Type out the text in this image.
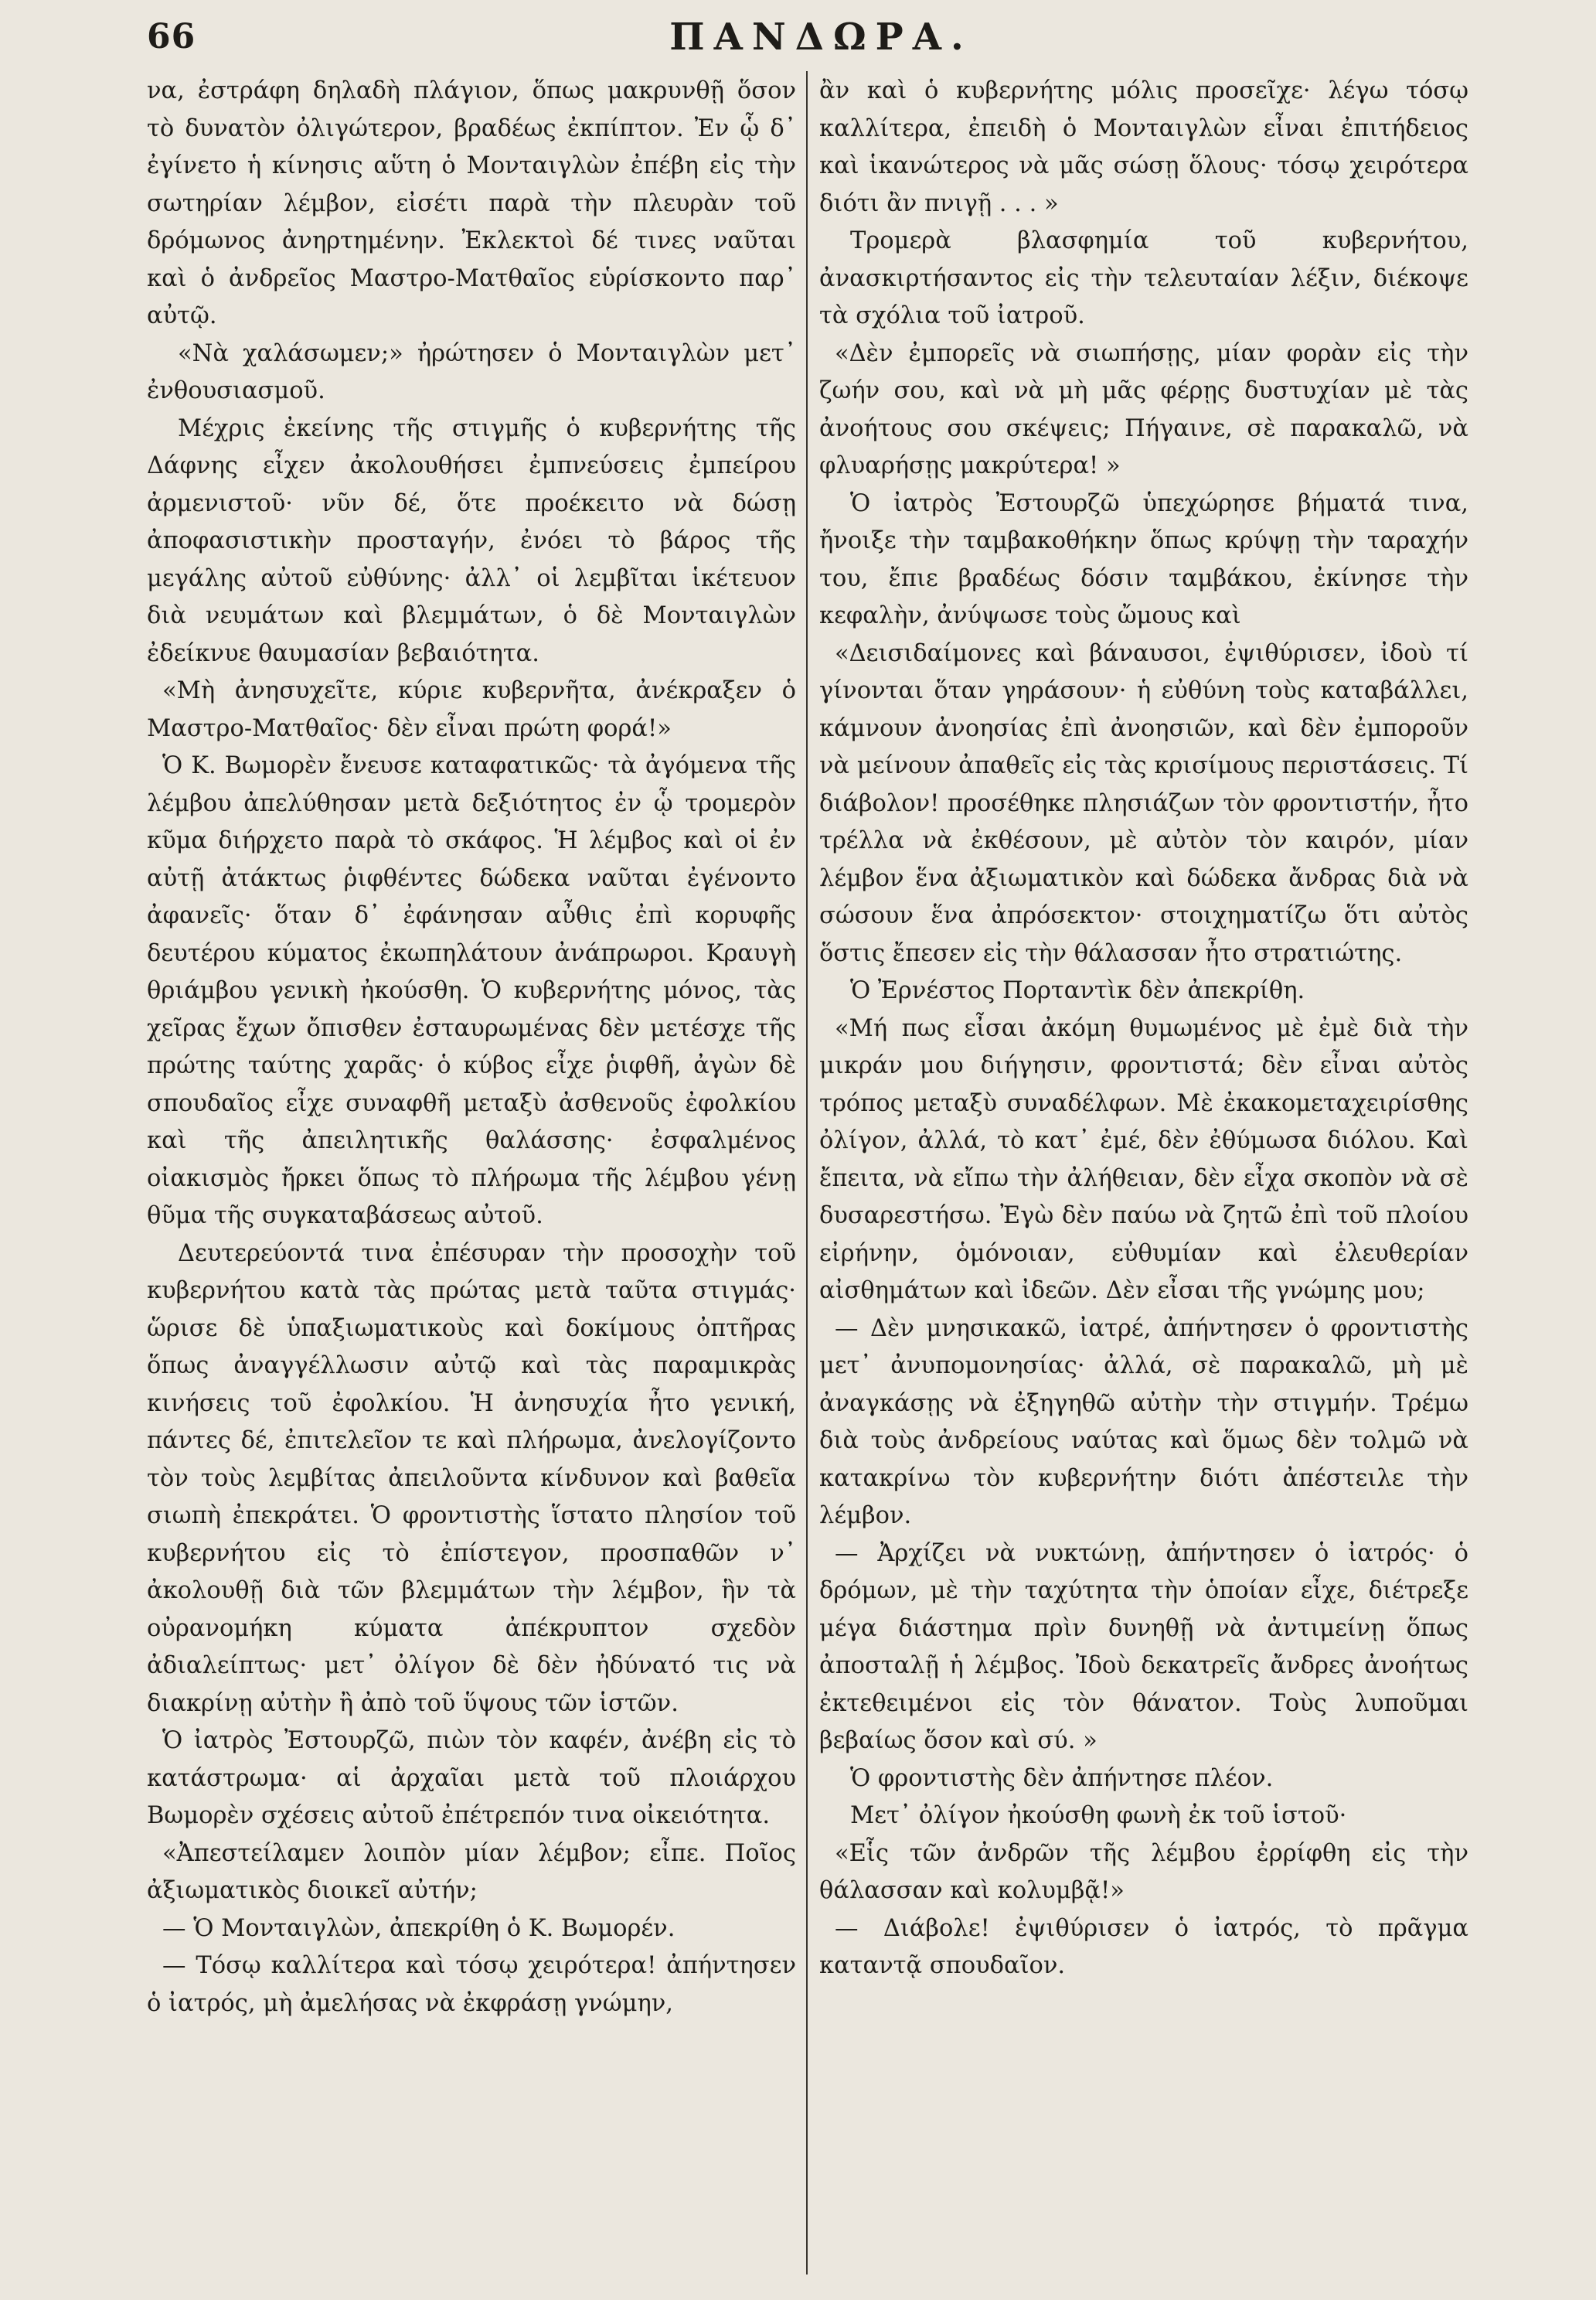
66	ΠΑΝΔΩΡΑ.

να, ἐστράφη δηλαδὴ πλάγιον, ὅπως μακρυνθῇ ὅσον τὸ δυνατὸν ὀλιγώτερον, βραδέως ἐκπίπτον. Ἐν ᾧ δ᾽ ἐγίνετο ἡ κίνησις αὕτη ὁ Μονταιγλὼν ἐπέβη εἰς τὴν σωτηρίαν λέμβον, εἰσέτι παρὰ τὴν πλευρὰν τοῦ δρόμωνος ἀνηρτημένην. Ἐκλεκτοὶ δέ τινες ναῦται καὶ ὁ ἀνδρεῖος Μαστρο-Ματθαῖος εὑρίσκοντο παρ᾽ αὐτῷ.

«Νὰ χαλάσωμεν;» ἠρώτησεν ὁ Μονταιγλὼν μετ᾽ ἐνθουσιασμοῦ.

Μέχρις ἐκείνης τῆς στιγμῆς ὁ κυβερνήτης τῆς Δάφνης εἶχεν ἀκολουθήσει ἐμπνεύσεις ἐμπείρου ἀρμενιστοῦ· νῦν δέ, ὅτε προέκειτο νὰ δώσῃ ἀποφασιστικὴν προσταγήν, ἐνόει τὸ βάρος τῆς μεγάλης αὐτοῦ εὐθύνης· ἀλλ᾽ οἱ λεμβῖται ἱκέτευον διὰ νευμάτων καὶ βλεμμάτων, ὁ δὲ Μονταιγλὼν ἐδείκνυε θαυμασίαν βεβαιότητα.

«Μὴ ἀνησυχεῖτε, κύριε κυβερνῆτα, ἀνέκραξεν ὁ Μαστρο-Ματθαῖος· δὲν εἶναι πρώτη φορά!»

Ὁ Κ. Βωμορὲν ἔνευσε καταφατικῶς· τὰ ἀγόμενα τῆς λέμβου ἀπελύθησαν μετὰ δεξιότητος ἐν ᾧ τρομερὸν κῦμα διήρχετο παρὰ τὸ σκάφος. Ἡ λέμβος καὶ οἱ ἐν αὐτῇ ἀτάκτως ῥιφθέντες δώδεκα ναῦται ἐγένοντο ἀφανεῖς· ὅταν δ᾽ ἐφάνησαν αὖθις ἐπὶ κορυφῆς δευτέρου κύματος ἐκωπηλάτουν ἀνάπρωροι. Κραυγὴ θριάμβου γενικὴ ἠκούσθη. Ὁ κυβερνήτης μόνος, τὰς χεῖρας ἔχων ὄπισθεν ἐσταυρωμένας δὲν μετέσχε τῆς πρώτης ταύτης χαρᾶς· ὁ κύβος εἶχε ῥιφθῆ, ἀγὼν δὲ σπουδαῖος εἶχε συναφθῆ μεταξὺ ἀσθενοῦς ἐφολκίου καὶ τῆς ἀπειλητικῆς θαλάσσης· ἐσφαλμένος οἰακισμὸς ἤρκει ὅπως τὸ πλήρωμα τῆς λέμβου γένῃ θῦμα τῆς συγκαταβάσεως αὐτοῦ.

Δευτερεύοντά τινα ἐπέσυραν τὴν προσοχὴν τοῦ κυβερνήτου κατὰ τὰς πρώτας μετὰ ταῦτα στιγμάς· ὥρισε δὲ ὑπαξιωματικοὺς καὶ δοκίμους ὀπτῆρας ὅπως ἀναγγέλλωσιν αὐτῷ καὶ τὰς παραμικρὰς κινήσεις τοῦ ἐφολκίου. Ἡ ἀνησυχία ἦτο γενική, πάντες δέ, ἐπιτελεῖον τε καὶ πλήρωμα, ἀνελογίζοντο τὸν τοὺς λεμβίτας ἀπειλοῦντα κίνδυνον καὶ βαθεῖα σιωπὴ ἐπεκράτει. Ὁ φροντιστὴς ἵστατο πλησίον τοῦ κυβερνήτου εἰς τὸ ἐπίστεγον, προσπαθῶν ν᾽ ἀκολουθῇ διὰ τῶν βλεμμάτων τὴν λέμβον, ἣν τὰ οὐρανομήκη κύματα ἀπέκρυπτον σχεδὸν ἀδιαλείπτως· μετ᾽ ὀλίγον δὲ δὲν ἠδύνατό τις νὰ διακρίνῃ αὐτὴν ἢ ἀπὸ τοῦ ὕψους τῶν ἱστῶν.

Ὁ ἰατρὸς Ἐστουρζῶ, πιὼν τὸν καφέν, ἀνέβη εἰς τὸ κατάστρωμα· αἱ ἀρχαῖαι μετὰ τοῦ πλοιάρχου Βωμορὲν σχέσεις αὐτοῦ ἐπέτρεπόν τινα οἰκειότητα.

«Ἀπεστείλαμεν λοιπὸν μίαν λέμβον; εἶπε. Ποῖος ἀξιωματικὸς διοικεῖ αὐτήν;

— Ὁ Μονταιγλὼν, ἀπεκρίθη ὁ Κ. Βωμορέν.

— Τόσῳ καλλίτερα καὶ τόσῳ χειρότερα! ἀπήντησεν ὁ ἰατρός, μὴ ἀμελήσας νὰ ἐκφράσῃ γνώμην,

ἂν καὶ ὁ κυβερνήτης μόλις προσεῖχε· λέγω τόσῳ καλλίτερα, ἐπειδὴ ὁ Μονταιγλὼν εἶναι ἐπιτήδειος καὶ ἱκανώτερος νὰ μᾶς σώσῃ ὅλους· τόσῳ χειρότερα διότι ἂν πνιγῇ . . . »

Τρομερὰ βλασφημία τοῦ κυβερνήτου, ἀνασκιρτήσαντος εἰς τὴν τελευταίαν λέξιν, διέκοψε τὰ σχόλια τοῦ ἰατροῦ.

«Δὲν ἐμπορεῖς νὰ σιωπήσῃς, μίαν φορὰν εἰς τὴν ζωήν σου, καὶ νὰ μὴ μᾶς φέρῃς δυστυχίαν μὲ τὰς ἀνοήτους σου σκέψεις; Πήγαινε, σὲ παρακαλῶ, νὰ φλυαρήσῃς μακρύτερα! »

Ὁ ἰατρὸς Ἐστουρζῶ ὑπεχώρησε βήματά τινα, ἤνοιξε τὴν ταμβακοθήκην ὅπως κρύψῃ τὴν ταραχήν του, ἔπιε βραδέως δόσιν ταμβάκου, ἐκίνησε τὴν κεφαλὴν, ἀνύψωσε τοὺς ὤμους καὶ

«Δεισιδαίμονες καὶ βάναυσοι, ἐψιθύρισεν, ἰδοὺ τί γίνονται ὅταν γηράσουν· ἡ εὐθύνη τοὺς καταβάλλει, κάμνουν ἀνοησίας ἐπὶ ἀνοησιῶν, καὶ δὲν ἐμποροῦν νὰ μείνουν ἀπαθεῖς εἰς τὰς κρισίμους περιστάσεις. Τί διάβολον! προσέθηκε πλησιάζων τὸν φροντιστήν, ἦτο τρέλλα νὰ ἐκθέσουν, μὲ αὐτὸν τὸν καιρόν, μίαν λέμβον ἕνα ἀξιωματικὸν καὶ δώδεκα ἄνδρας διὰ νὰ σώσουν ἕνα ἀπρόσεκτον· στοιχηματίζω ὅτι αὐτὸς ὅστις ἔπεσεν εἰς τὴν θάλασσαν ἦτο στρατιώτης.

Ὁ Ἐρνέστος Πορταντὶκ δὲν ἀπεκρίθη.

«Μή πως εἶσαι ἀκόμη θυμωμένος μὲ ἐμὲ διὰ τὴν μικράν μου διήγησιν, φροντιστά; δὲν εἶναι αὐτὸς τρόπος μεταξὺ συναδέλφων. Μὲ ἐκακομεταχειρίσθης ὀλίγον, ἀλλά, τὸ κατ᾽ ἐμέ, δὲν ἐθύμωσα διόλου. Καὶ ἔπειτα, νὰ εἴπω τὴν ἀλήθειαν, δὲν εἶχα σκοπὸν νὰ σὲ δυσαρεστήσω. Ἐγὼ δὲν παύω νὰ ζητῶ ἐπὶ τοῦ πλοίου εἰρήνην, ὁμόνοιαν, εὐθυμίαν καὶ ἐλευθερίαν αἰσθημάτων καὶ ἰδεῶν. Δὲν εἶσαι τῆς γνώμης μου;

— Δὲν μνησικακῶ, ἰατρέ, ἀπήντησεν ὁ φροντιστὴς μετ᾽ ἀνυπομονησίας· ἀλλά, σὲ παρακαλῶ, μὴ μὲ ἀναγκάσῃς νὰ ἐξηγηθῶ αὐτὴν τὴν στιγμήν. Τρέμω διὰ τοὺς ἀνδρείους ναύτας καὶ ὅμως δὲν τολμῶ νὰ κατακρίνω τὸν κυβερνήτην διότι ἀπέστειλε τὴν λέμβον.

— Ἀρχίζει νὰ νυκτώνῃ, ἀπήντησεν ὁ ἰατρός· ὁ δρόμων, μὲ τὴν ταχύτητα τὴν ὁποίαν εἶχε, διέτρεξε μέγα διάστημα πρὶν δυνηθῇ νὰ ἀντιμείνῃ ὅπως ἀποσταλῇ ἡ λέμβος. Ἰδοὺ δεκατρεῖς ἄνδρες ἀνοήτως ἐκτεθειμένοι εἰς τὸν θάνατον. Τοὺς λυποῦμαι βεβαίως ὅσον καὶ σύ. »

Ὁ φροντιστὴς δὲν ἀπήντησε πλέον.

Μετ᾽ ὀλίγον ἠκούσθη φωνὴ ἐκ τοῦ ἱστοῦ·

«Εἷς τῶν ἀνδρῶν τῆς λέμβου ἐρρίφθη εἰς τὴν θάλασσαν καὶ κολυμβᾷ!»

— Διάβολε! ἐψιθύρισεν ὁ ἰατρός, τὸ πρᾶγμα καταντᾷ σπουδαῖον.
